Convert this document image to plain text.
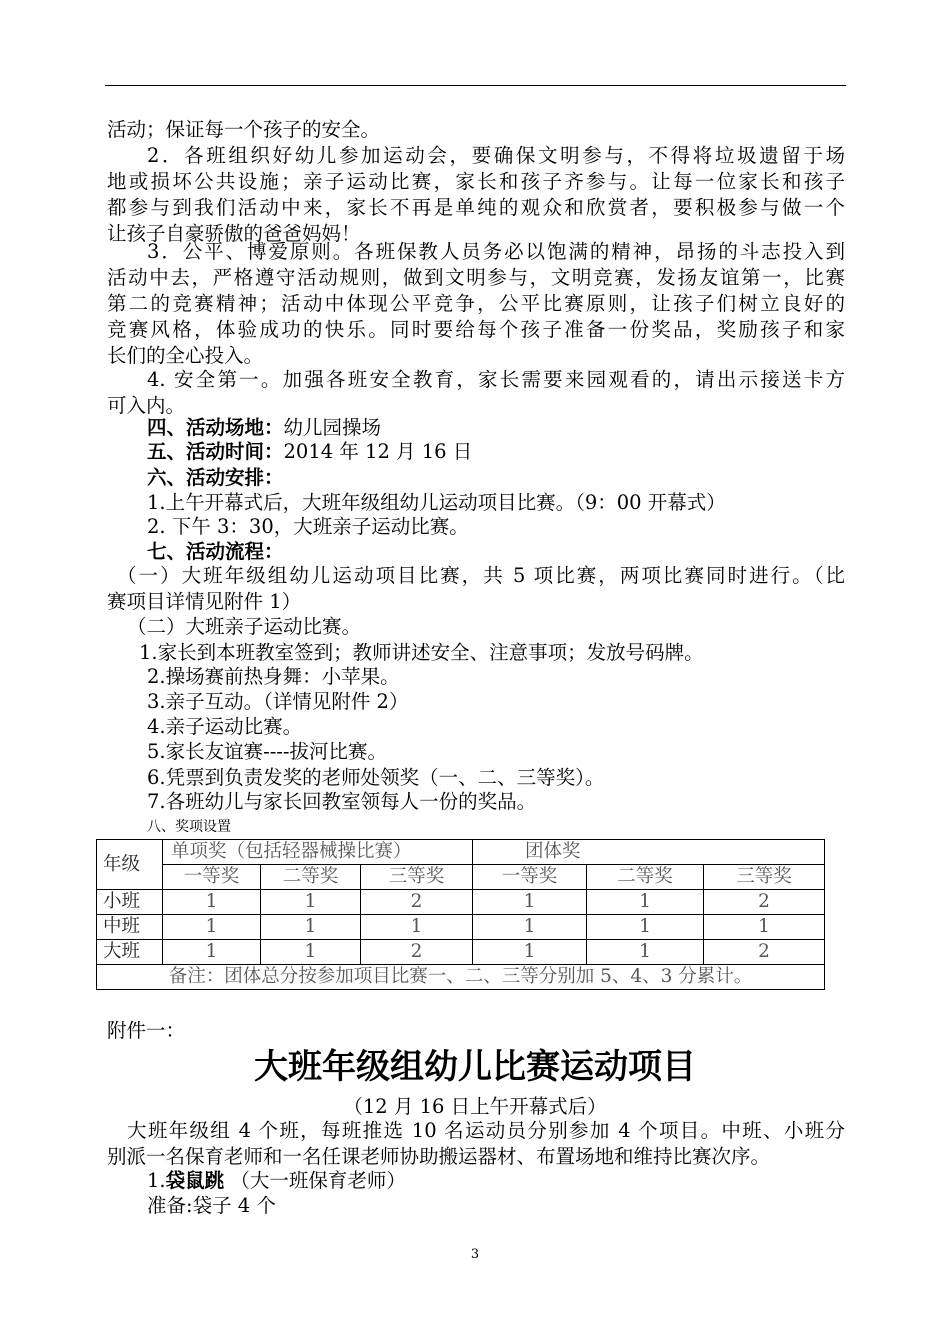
活动；保证每一个孩子的安全。
2．各班组织好幼儿参加运动会，要确保文明参与，不得将垃圾遗留于场
地或损坏公共设施；亲子运动比赛，家长和孩子齐参与。让每一位家长和孩子
都参与到我们活动中来，家长不再是单纯的观众和欣赏者，要积极参与做一个
让孩子自豪骄傲的爸爸妈妈！
3．公平、博爱原则。各班保教人员务必以饱满的精神，昂扬的斗志投入到
活动中去，严格遵守活动规则，做到文明参与，文明竞赛，发扬友谊第一，比赛
第二的竞赛精神；活动中体现公平竞争，公平比赛原则，让孩子们树立良好的
竞赛风格，体验成功的快乐。同时要给每个孩子准备一份奖品，奖励孩子和家
长们的全心投入。
4. 安全第一。加强各班安全教育，家长需要来园观看的，请出示接送卡方
可入内。
四、活动场地：幼儿园操场
五、活动时间：2014 年 12 月 16 日
六、活动安排：
1.上午开幕式后，大班年级组幼儿运动项目比赛。（9：00 开幕式）
2. 下午 3：30，大班亲子运动比赛。
七、活动流程：
（一）大班年级组幼儿运动项目比赛，共 5 项比赛，两项比赛同时进行。（比
赛项目详情见附件 1）
（二）大班亲子运动比赛。
1.家长到本班教室签到；教师讲述安全、注意事项；发放号码牌。
2.操场赛前热身舞：小苹果。
3.亲子互动。（详情见附件 2）
4.亲子运动比赛。
5.家长友谊赛----拔河比赛。
6.凭票到负责发奖的老师处领奖（一、二、三等奖）。
7.各班幼儿与家长回教室领每人一份的奖品。
八、奖项设置
年级	单项奖（包括轻器械操比赛）			团体奖		
	一等奖	二等奖	三等奖	一等奖	二等奖	三等奖
小班	1	1	2	1	1	2
中班	1	1	1	1	1	1
大班	1	1	2	1	1	2
备注：团体总分按参加项目比赛一、二、三等分别加 5、4、3 分累计。						
附件一：
大班年级组幼儿比赛运动项目
（12 月 16 日上午开幕式后）
大班年级组 4 个班，每班推选 10 名运动员分别参加 4 个项目。中班、小班分
别派一名保育老师和一名任课老师协助搬运器材、布置场地和维持比赛次序。
1.袋鼠跳 （大一班保育老师）
准备:袋子 4 个
3
